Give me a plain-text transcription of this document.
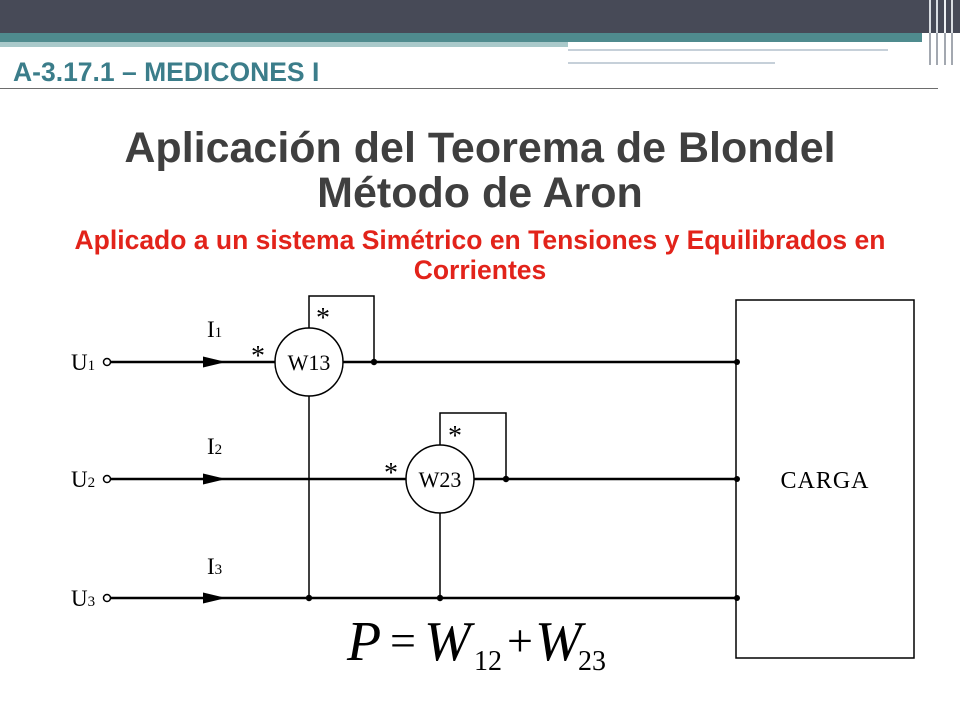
A-3.17.1 – MEDICONES I
Aplicación del Teorema de Blondel
Método de Aron
Aplicado a un sistema Simétrico en Tensiones y Equilibrados en
Corrientes
U1
I1
U2
I2
U3
I3
W13
*
*
W23
*
*
CARGA
P = W 12 + W
23
